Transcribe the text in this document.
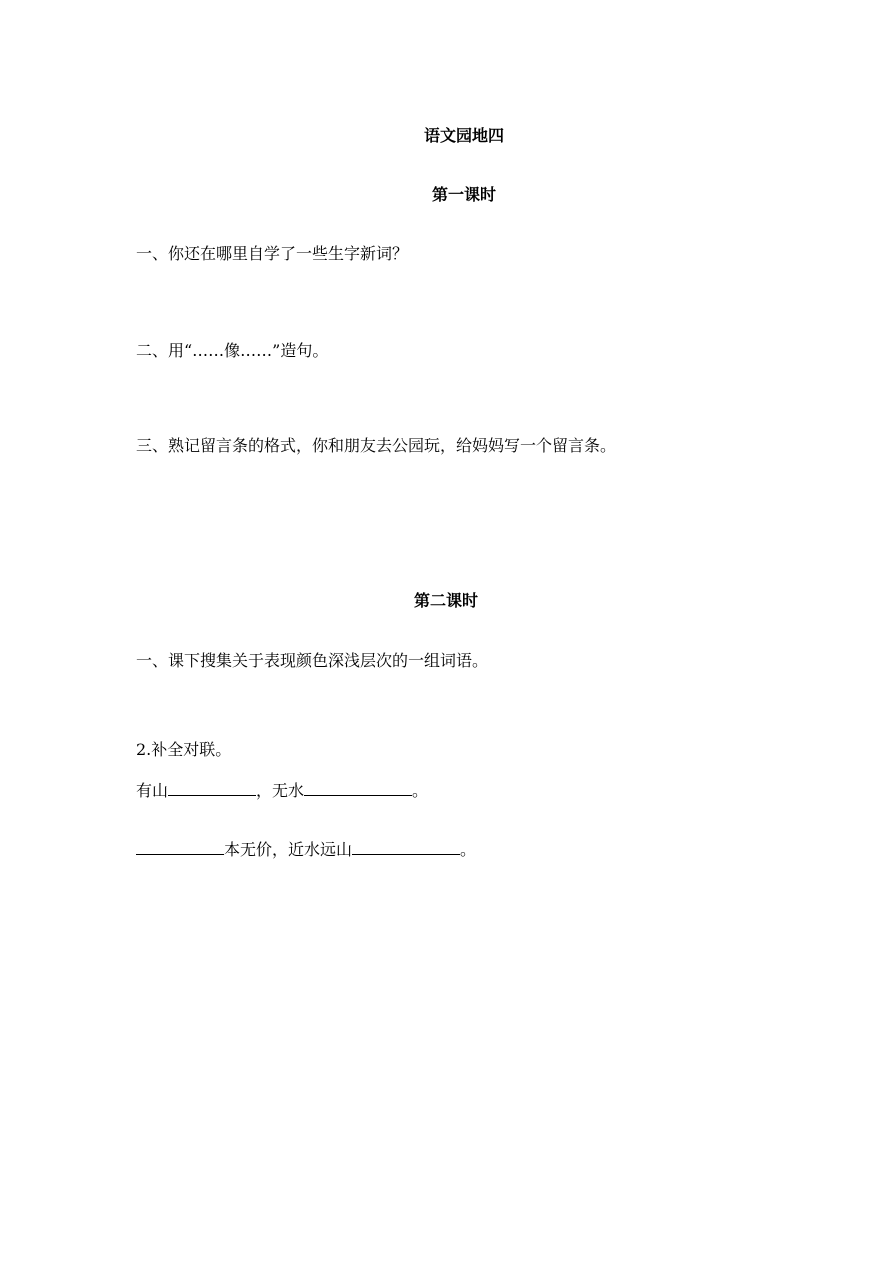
语文园地四
第一课时

一、你还在哪里自学了一些生字新词？

二、用“……像……”造句。

三、熟记留言条的格式，你和朋友去公园玩，给妈妈写一个留言条。

第二课时

一、课下搜集关于表现颜色深浅层次的一组词语。

2.补全对联。

有山	，无水	。

本无价，近水远山	。
